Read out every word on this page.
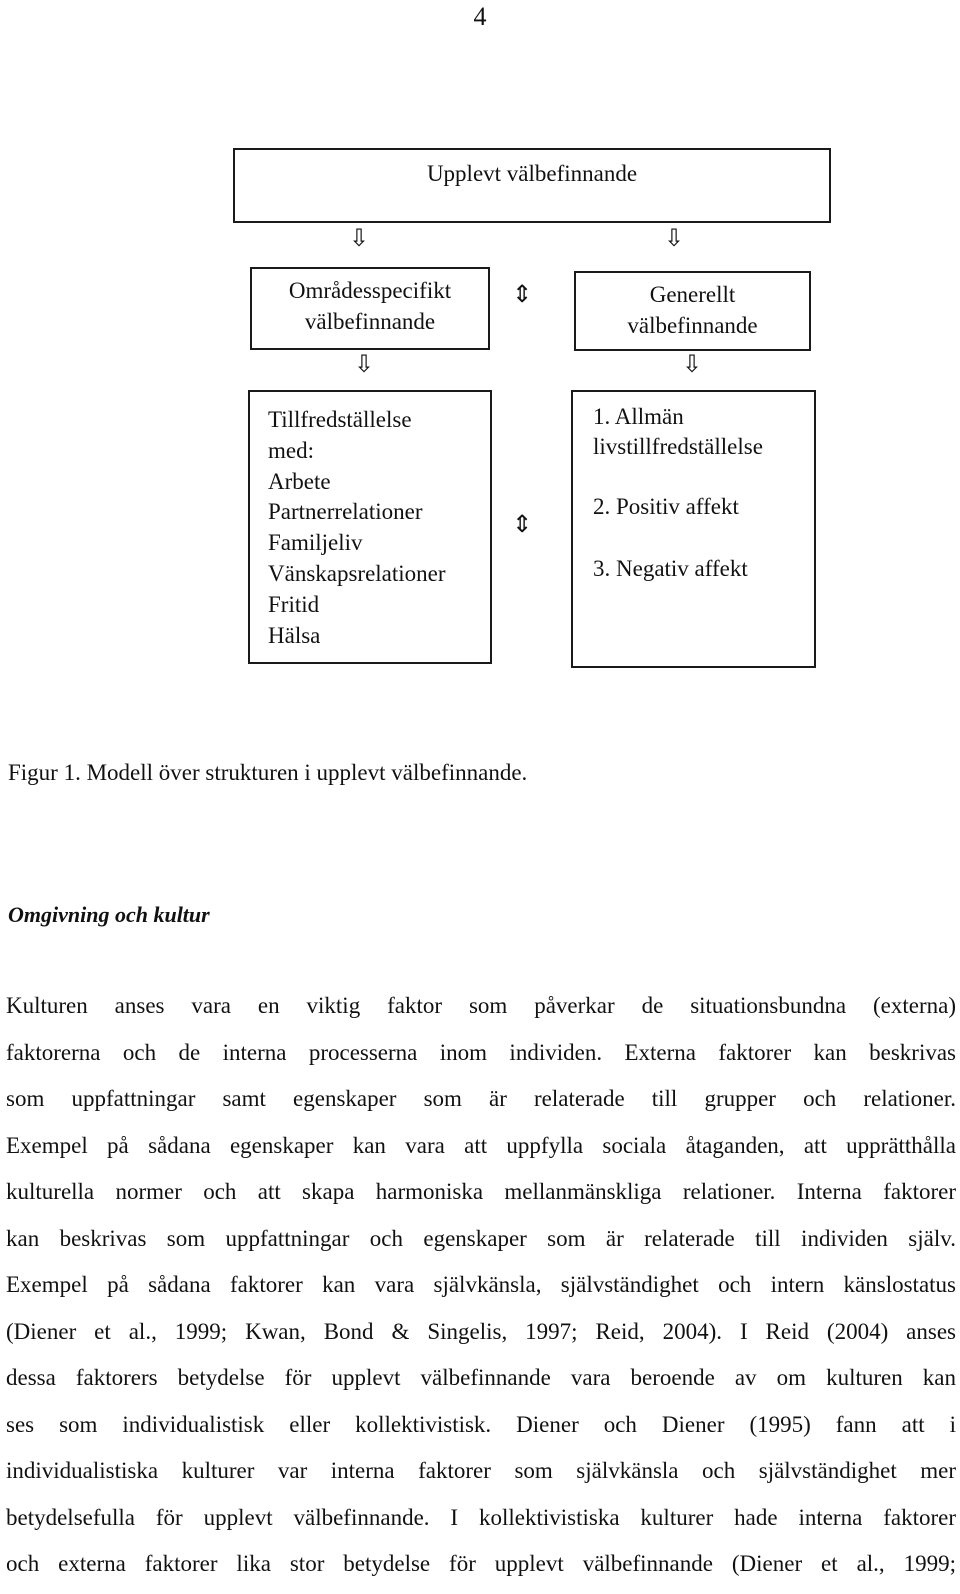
4
Upplevt välbefinnande
⇩	⇩
Områdesspecifikt
välbefinnande
⇕	Generellt
välbefinnande
⇩	⇩
Tillfredställelse
med:
Arbete
Partnerrelationer
Familjeliv
Vänskapsrelationer
Fritid
Hälsa
⇕
1. Allmän
livstillfredställelse
2. Positiv affekt
3. Negativ affekt
Figur 1. Modell över strukturen i upplevt välbefinnande.
Omgivning och kultur
Kulturen anses vara en viktig faktor som påverkar de situationsbundna (externa)
faktorerna och de interna processerna inom individen. Externa faktorer kan beskrivas
som uppfattningar samt egenskaper som är relaterade till grupper och relationer.
Exempel på sådana egenskaper kan vara att uppfylla sociala åtaganden, att upprätthålla
kulturella normer och att skapa harmoniska mellanmänskliga relationer. Interna faktorer
kan beskrivas som uppfattningar och egenskaper som är relaterade till individen själv.
Exempel på sådana faktorer kan vara självkänsla, självständighet och intern känslostatus
(Diener et al., 1999; Kwan, Bond & Singelis, 1997; Reid, 2004). I Reid (2004) anses
dessa faktorers betydelse för upplevt välbefinnande vara beroende av om kulturen kan
ses som individualistisk eller kollektivistisk. Diener och Diener (1995) fann att i
individualistiska kulturer var interna faktorer som självkänsla och självständighet mer
betydelsefulla för upplevt välbefinnande. I kollektivistiska kulturer hade interna faktorer
och externa faktorer lika stor betydelse för upplevt välbefinnande (Diener et al., 1999;
